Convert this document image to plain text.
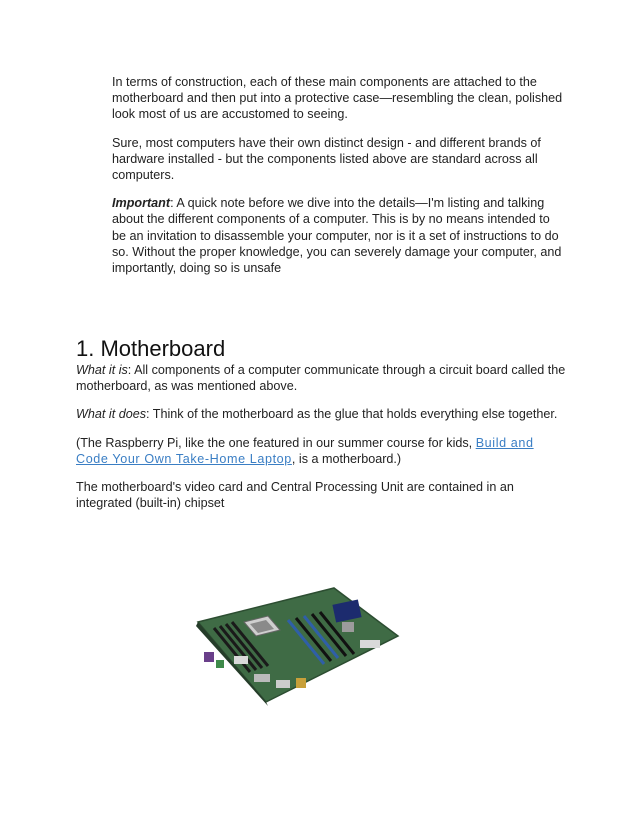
In terms of construction, each of these main components are attached to the motherboard and then put into a protective case—resembling the clean, polished look most of us are accustomed to seeing.

Sure, most computers have their own distinct design - and different brands of hardware installed - but the components listed above are standard across all computers.

Important: A quick note before we dive into the details—I'm listing and talking about the different components of a computer. This is by no means intended to be an invitation to disassemble your computer, nor is it a set of instructions to do so. Without the proper knowledge, you can severely damage your computer, and importantly, doing so is unsafe

1. Motherboard

What it is: All components of a computer communicate through a circuit board called the motherboard, as was mentioned above.

What it does: Think of the motherboard as the glue that holds everything else together.

(The Raspberry Pi, like the one featured in our summer course for kids, Build and Code Your Own Take-Home Laptop, is a motherboard.)

The motherboard's video card and Central Processing Unit are contained in an integrated (built-in) chipset
